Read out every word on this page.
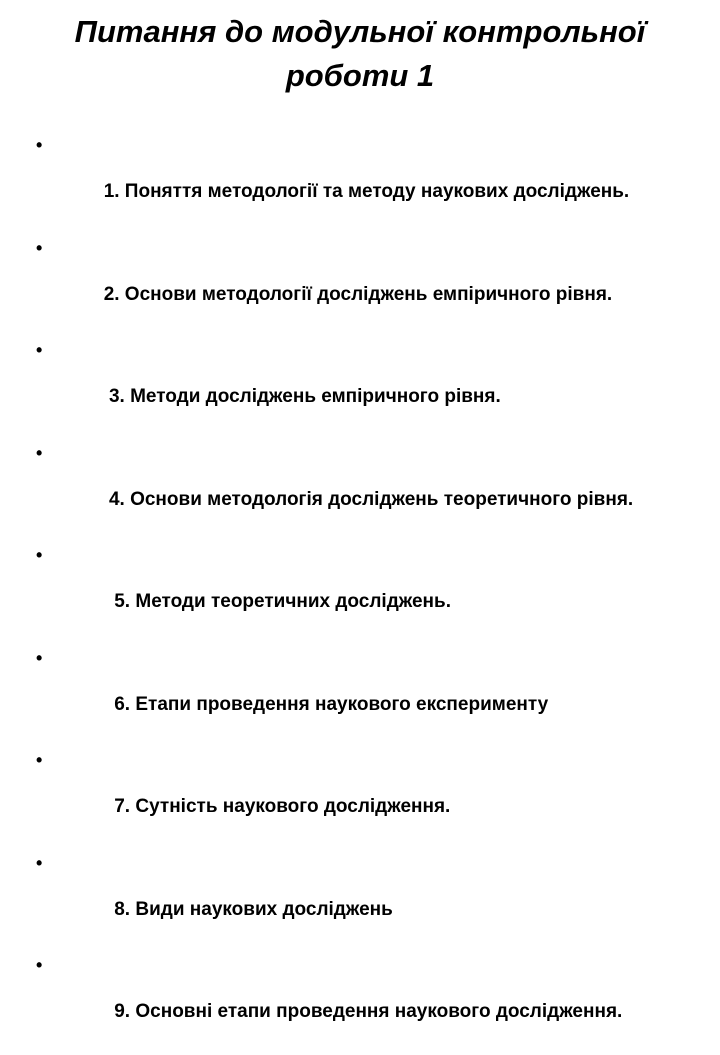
Питання до модульної контрольної роботи 1

•

1. Поняття методології та методу наукових досліджень.

•

2. Основи методології досліджень емпіричного рівня.

•

3. Методи досліджень емпіричного рівня.

•

4. Основи методологія досліджень теоретичного рівня.

•

5. Методи теоретичних досліджень.

•

6. Етапи проведення наукового експерименту

•

7. Сутність наукового дослідження.

•

8. Види наукових досліджень

•

9. Основні етапи проведення наукового дослідження.
